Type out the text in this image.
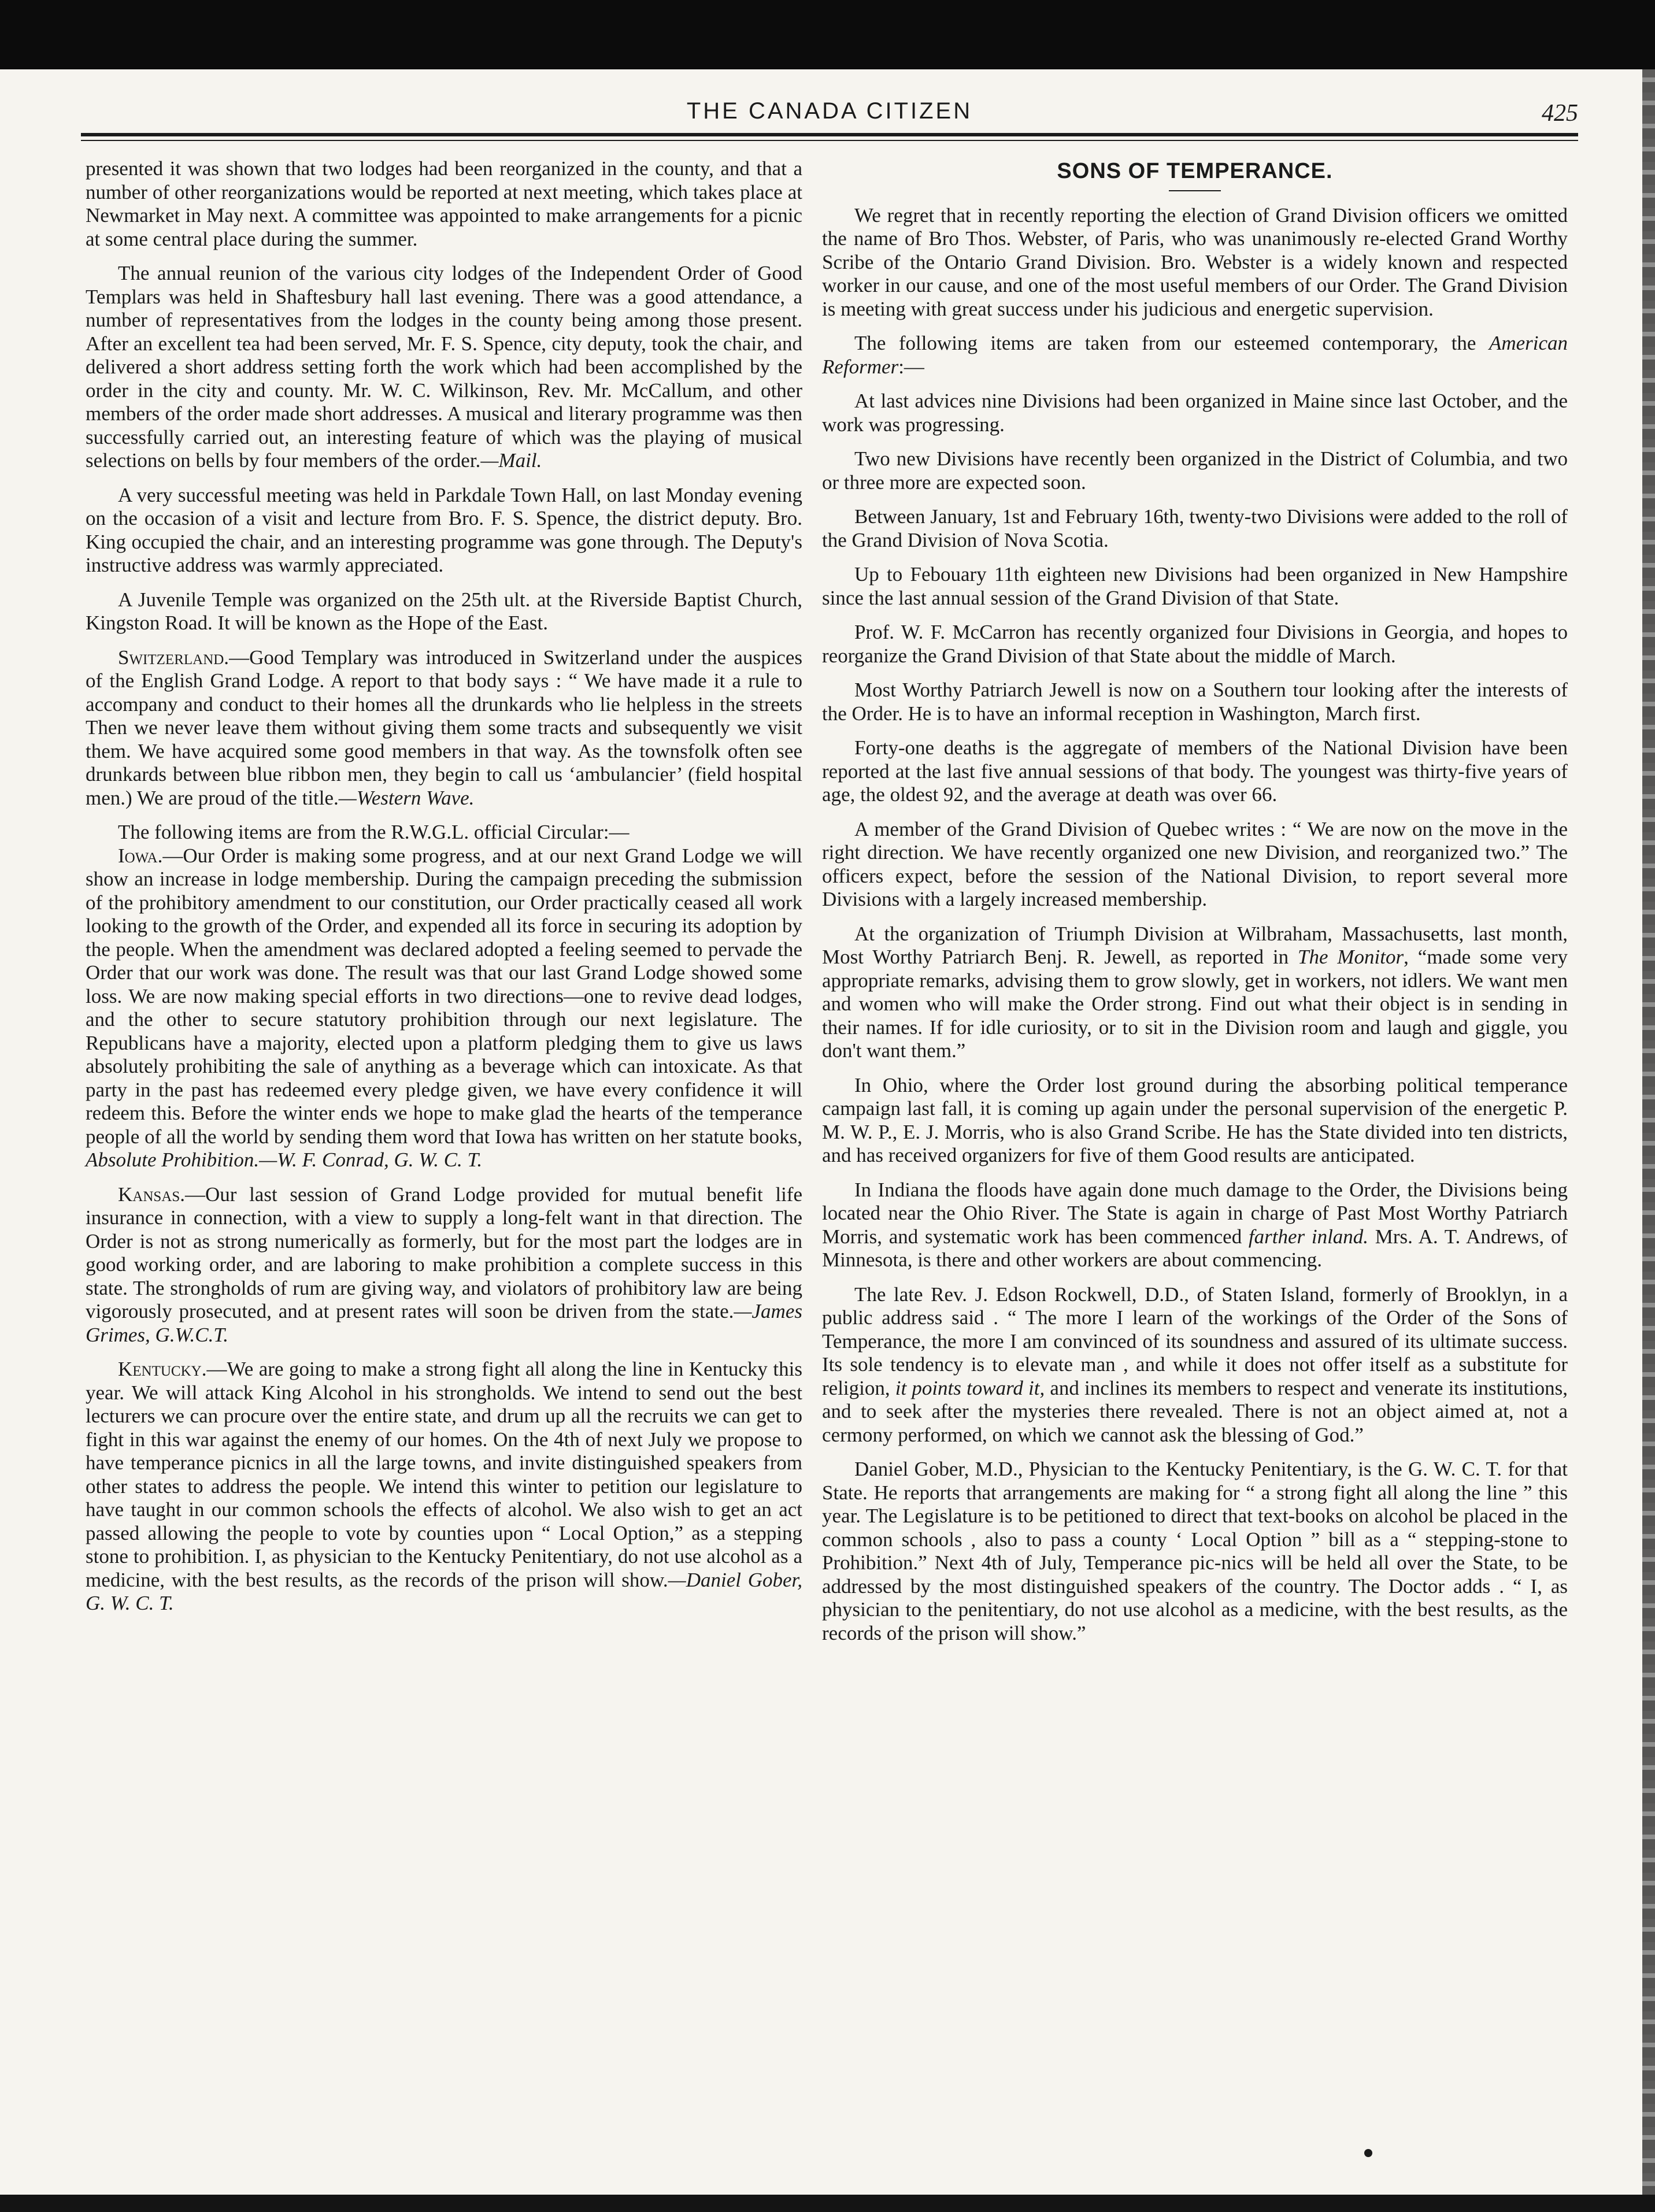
THE CANADA CITIZEN	425

presented it was shown that two lodges had been reorganized in the county, and that a number of other reorganizations would be reported at next meeting, which takes place at Newmarket in May next. A committee was appointed to make arrangements for a picnic at some central place during the summer.

The annual reunion of the various city lodges of the Independent Order of Good Templars was held in Shaftesbury hall last evening. There was a good attendance, a number of representatives from the lodges in the county being among those present. After an excellent tea had been served, Mr. F. S. Spence, city deputy, took the chair, and delivered a short address setting forth the work which had been accomplished by the order in the city and county. Mr. W. C. Wilkinson, Rev. Mr. McCallum, and other members of the order made short addresses. A musical and literary programme was then successfully carried out, an interesting feature of which was the playing of musical selections on bells by four members of the order.—Mail.

A very successful meeting was held in Parkdale Town Hall, on last Monday evening on the occasion of a visit and lecture from Bro. F. S. Spence, the district deputy. Bro. King occupied the chair, and an interesting programme was gone through. The Deputy's instructive address was warmly appreciated.

A Juvenile Temple was organized on the 25th ult. at the Riverside Baptist Church, Kingston Road. It will be known as the Hope of the East.

Switzerland.—Good Templary was introduced in Switzerland under the auspices of the English Grand Lodge. A report to that body says : “ We have made it a rule to accompany and conduct to their homes all the drunkards who lie helpless in the streets Then we never leave them without giving them some tracts and subsequently we visit them. We have acquired some good members in that way. As the townsfolk often see drunkards between blue ribbon men, they begin to call us ‘ambulancier’ (field hospital men.) We are proud of the title.—Western Wave.

The following items are from the R.W.G.L. official Circular:—

Iowa.—Our Order is making some progress, and at our next Grand Lodge we will show an increase in lodge membership. During the campaign preceding the submission of the prohibitory amendment to our constitution, our Order practically ceased all work looking to the growth of the Order, and expended all its force in securing its adoption by the people. When the amendment was declared adopted a feeling seemed to pervade the Order that our work was done. The result was that our last Grand Lodge showed some loss. We are now making special efforts in two directions—one to revive dead lodges, and the other to secure statutory prohibition through our next legislature. The Republicans have a majority, elected upon a platform pledging them to give us laws absolutely prohibiting the sale of anything as a beverage which can intoxicate. As that party in the past has redeemed every pledge given, we have every confidence it will redeem this. Before the winter ends we hope to make glad the hearts of the temperance people of all the world by sending them word that Iowa has written on her statute books, Absolute Prohibition.—W. F. Conrad, G. W. C. T.

Kansas.—Our last session of Grand Lodge provided for mutual benefit life insurance in connection, with a view to supply a long-felt want in that direction. The Order is not as strong numerically as formerly, but for the most part the lodges are in good working order, and are laboring to make prohibition a complete success in this state. The strongholds of rum are giving way, and violators of prohibitory law are being vigorously prosecuted, and at present rates will soon be driven from the state.—James Grimes, G.W.C.T.

Kentucky.—We are going to make a strong fight all along the line in Kentucky this year. We will attack King Alcohol in his strongholds. We intend to send out the best lecturers we can procure over the entire state, and drum up all the recruits we can get to fight in this war against the enemy of our homes. On the 4th of next July we propose to have temperance picnics in all the large towns, and invite distinguished speakers from other states to address the people. We intend this winter to petition our legislature to have taught in our common schools the effects of alcohol. We also wish to get an act passed allowing the people to vote by counties upon “ Local Option,” as a stepping stone to prohibition. I, as physician to the Kentucky Penitentiary, do not use alcohol as a medicine, with the best results, as the records of the prison will show.—Daniel Gober, G. W. C. T.

SONS OF TEMPERANCE.

We regret that in recently reporting the election of Grand Division officers we omitted the name of Bro Thos. Webster, of Paris, who was unanimously re-elected Grand Worthy Scribe of the Ontario Grand Division. Bro. Webster is a widely known and respected worker in our cause, and one of the most useful members of our Order. The Grand Division is meeting with great success under his judicious and energetic supervision.

The following items are taken from our esteemed contemporary, the American Reformer:—

At last advices nine Divisions had been organized in Maine since last October, and the work was progressing.

Two new Divisions have recently been organized in the District of Columbia, and two or three more are expected soon.

Between January, 1st and February 16th, twenty-two Divisions were added to the roll of the Grand Division of Nova Scotia.

Up to Febouary 11th eighteen new Divisions had been organized in New Hampshire since the last annual session of the Grand Division of that State.

Prof. W. F. McCarron has recently organized four Divisions in Georgia, and hopes to reorganize the Grand Division of that State about the middle of March.

Most Worthy Patriarch Jewell is now on a Southern tour looking after the interests of the Order. He is to have an informal reception in Washington, March first.

Forty-one deaths is the aggregate of members of the National Division have been reported at the last five annual sessions of that body. The youngest was thirty-five years of age, the oldest 92, and the average at death was over 66.

A member of the Grand Division of Quebec writes : “ We are now on the move in the right direction. We have recently organized one new Division, and reorganized two.” The officers expect, before the session of the National Division, to report several more Divisions with a largely increased membership.

At the organization of Triumph Division at Wilbraham, Massachusetts, last month, Most Worthy Patriarch Benj. R. Jewell, as reported in The Monitor, “made some very appropriate remarks, advising them to grow slowly, get in workers, not idlers. We want men and women who will make the Order strong. Find out what their object is in sending in their names. If for idle curiosity, or to sit in the Division room and laugh and giggle, you don't want them.”

In Ohio, where the Order lost ground during the absorbing political temperance campaign last fall, it is coming up again under the personal supervision of the energetic P. M. W. P., E. J. Morris, who is also Grand Scribe. He has the State divided into ten districts, and has received organizers for five of them Good results are anticipated.

In Indiana the floods have again done much damage to the Order, the Divisions being located near the Ohio River. The State is again in charge of Past Most Worthy Patriarch Morris, and systematic work has been commenced farther inland. Mrs. A. T. Andrews, of Minnesota, is there and other workers are about commencing.

The late Rev. J. Edson Rockwell, D.D., of Staten Island, formerly of Brooklyn, in a public address said . “ The more I learn of the workings of the Order of the Sons of Temperance, the more I am convinced of its soundness and assured of its ultimate success. Its sole tendency is to elevate man , and while it does not offer itself as a substitute for religion, it points toward it, and inclines its members to respect and venerate its institutions, and to seek after the mysteries there revealed. There is not an object aimed at, not a cermony performed, on which we cannot ask the blessing of God.”

Daniel Gober, M.D., Physician to the Kentucky Penitentiary, is the G. W. C. T. for that State. He reports that arrangements are making for “ a strong fight all along the line ” this year. The Legislature is to be petitioned to direct that text-books on alcohol be placed in the common schools , also to pass a county ‘ Local Option ” bill as a “ stepping-stone to Prohibition.” Next 4th of July, Temperance pic-nics will be held all over the State, to be addressed by the most distinguished speakers of the country. The Doctor adds . “ I, as physician to the penitentiary, do not use alcohol as a medicine, with the best results, as the records of the prison will show.”
